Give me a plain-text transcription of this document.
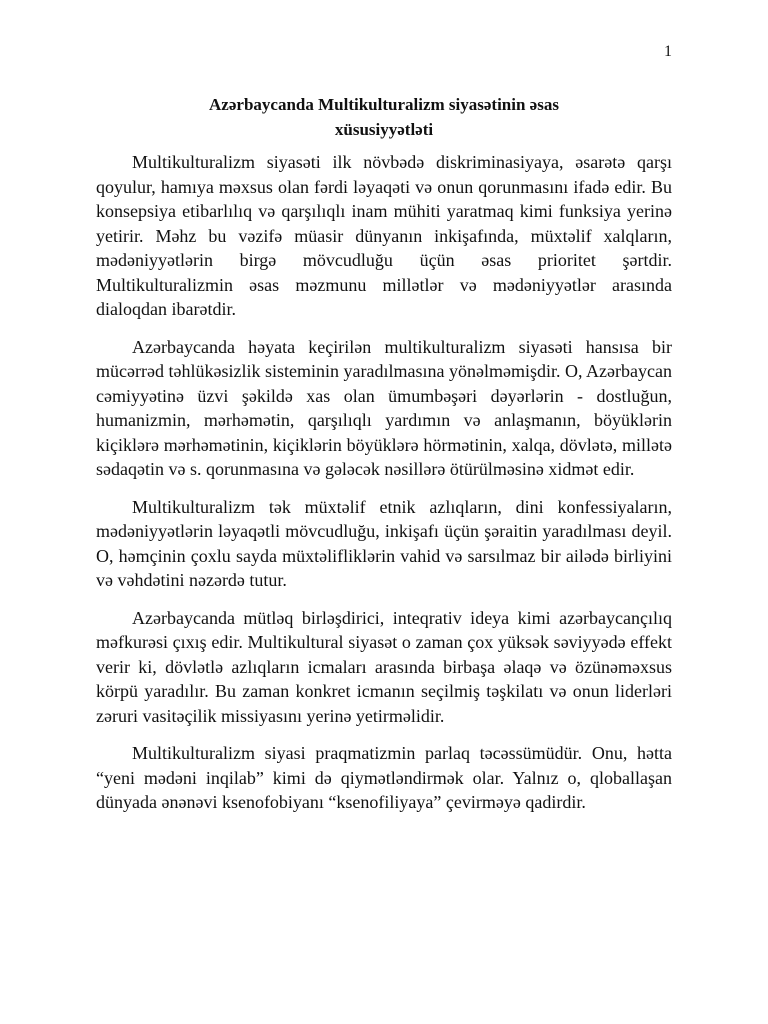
1
Azərbaycanda Multikulturalizm siyasətinin əsas
xüsusiyyətləti

Multikulturalizm siyasəti ilk növbədə diskriminasiyaya, əsarətə qarşı qoyulur, hamıya məxsus olan fərdi ləyaqəti və onun qorunmasını ifadə edir. Bu konsepsiya etibarlılıq və qarşılıqlı inam mühiti yaratmaq kimi funksiya yerinə yetirir. Məhz bu vəzifə müasir dünyanın inkişafında, müxtəlif xalqların, mədəniyyətlərin birgə mövcudluğu üçün əsas prioritet şərtdir. Multikulturalizmin əsas məzmunu millətlər və mədəniyyətlər arasında dialoqdan ibarətdir.

Azərbaycanda həyata keçirilən multikulturalizm siyasəti hansısa bir mücərrəd təhlükəsizlik sisteminin yaradılmasına yönəlməmişdir. O, Azərbaycan cəmiyyətinə üzvi şəkildə xas olan ümumbəşəri dəyərlərin - dostluğun, humanizmin, mərhəmətin, qarşılıqlı yardımın və anlaşmanın, böyüklərin kiçiklərə mərhəmətinin, kiçiklərin böyüklərə hörmətinin, xalqa, dövlətə, millətə sədaqətin və s. qorunmasına və gələcək nəsillərə ötürülməsinə xidmət edir.

Multikulturalizm tək müxtəlif etnik azlıqların, dini konfessiyaların, mədəniyyətlərin ləyaqətli mövcudluğu, inkişafı üçün şəraitin yaradılması deyil. O, həmçinin çoxlu sayda müxtəlifliklərin vahid və sarsılmaz bir ailədə birliyini və vəhdətini nəzərdə tutur.

Azərbaycanda mütləq birləşdirici, inteqrativ ideya kimi azərbaycançılıq məfkurəsi çıxış edir. Multikultural siyasət o zaman çox yüksək səviyyədə effekt verir ki, dövlətlə azlıqların icmaları arasında birbaşa əlaqə və özünəməxsus körpü yaradılır. Bu zaman konkret icmanın seçilmiş təşkilatı və onun liderləri zəruri vasitəçilik missiyasını yerinə yetirməlidir.

Multikulturalizm siyasi praqmatizmin parlaq təcəssümüdür. Onu, hətta “yeni mədəni inqilab” kimi də qiymətləndirmək olar. Yalnız o, qloballaşan dünyada ənənəvi ksenofobiyanı “ksenofiliyaya” çevirməyə qadirdir.
